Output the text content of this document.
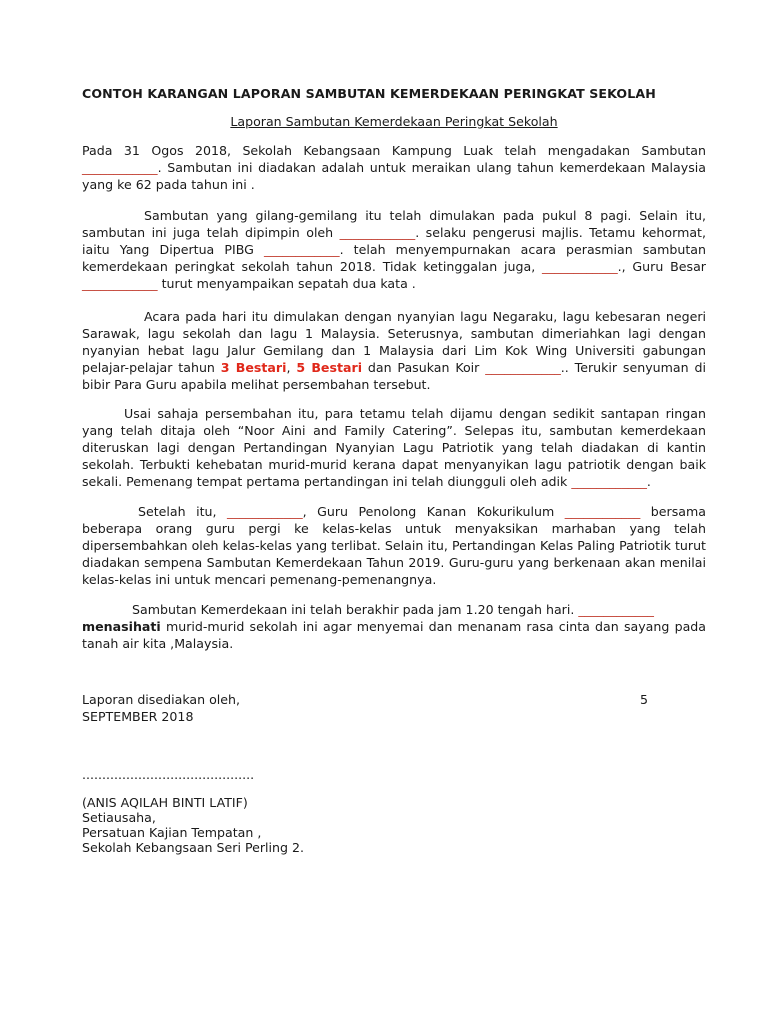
CONTOH KARANGAN LAPORAN SAMBUTAN KEMERDEKAAN PERINGKAT SEKOLAH
Laporan Sambutan Kemerdekaan Peringkat Sekolah

Pada 31 Ogos 2018, Sekolah Kebangsaan Kampung Luak telah mengadakan Sambutan ____________. Sambutan ini diadakan adalah untuk meraikan ulang tahun kemerdekaan Malaysia yang ke 62 pada tahun ini .

Sambutan yang gilang-gemilang itu telah dimulakan pada pukul 8 pagi. Selain itu, sambutan ini juga telah dipimpin oleh ____________. selaku pengerusi majlis. Tetamu kehormat, iaitu Yang Dipertua PIBG ____________. telah menyempurnakan acara perasmian sambutan kemerdekaan peringkat sekolah tahun 2018. Tidak ketinggalan juga, ____________., Guru Besar ____________ turut menyampaikan sepatah dua kata .

Acara pada hari itu dimulakan dengan nyanyian lagu Negaraku, lagu kebesaran negeri Sarawak, lagu sekolah dan lagu 1 Malaysia. Seterusnya, sambutan dimeriahkan lagi dengan nyanyian hebat lagu Jalur Gemilang dan 1 Malaysia dari Lim Kok Wing Universiti gabungan pelajar-pelajar tahun 3 Bestari, 5 Bestari dan Pasukan Koir ____________.. Terukir senyuman di bibir Para Guru apabila melihat persembahan tersebut.

Usai sahaja persembahan itu, para tetamu telah dijamu dengan sedikit santapan ringan yang telah ditaja oleh “Noor Aini and Family Catering”. Selepas itu, sambutan kemerdekaan diteruskan lagi dengan Pertandingan Nyanyian Lagu Patriotik yang telah diadakan di kantin sekolah. Terbukti kehebatan murid-murid kerana dapat menyanyikan lagu patriotik dengan baik sekali. Pemenang tempat pertama pertandingan ini telah diungguli oleh adik ____________.

Setelah itu, ____________, Guru Penolong Kanan Kokurikulum ____________ bersama beberapa orang guru pergi ke kelas-kelas untuk menyaksikan marhaban yang telah dipersembahkan oleh kelas-kelas yang terlibat. Selain itu, Pertandingan Kelas Paling Patriotik turut diadakan sempena Sambutan Kemerdekaan Tahun 2019. Guru-guru yang berkenaan akan menilai kelas-kelas ini untuk mencari pemenang-pemenangnya.

Sambutan Kemerdekaan ini telah berakhir pada jam 1.20 tengah hari. ____________
menasihati murid-murid sekolah ini agar menyemai dan menanam rasa cinta dan sayang pada tanah air kita ,Malaysia.

Laporan disediakan oleh,	5
SEPTEMBER 2018
...........................................
(ANIS AQILAH BINTI LATIF)
Setiausaha,
Persatuan Kajian Tempatan ,
Sekolah Kebangsaan Seri Perling 2.
